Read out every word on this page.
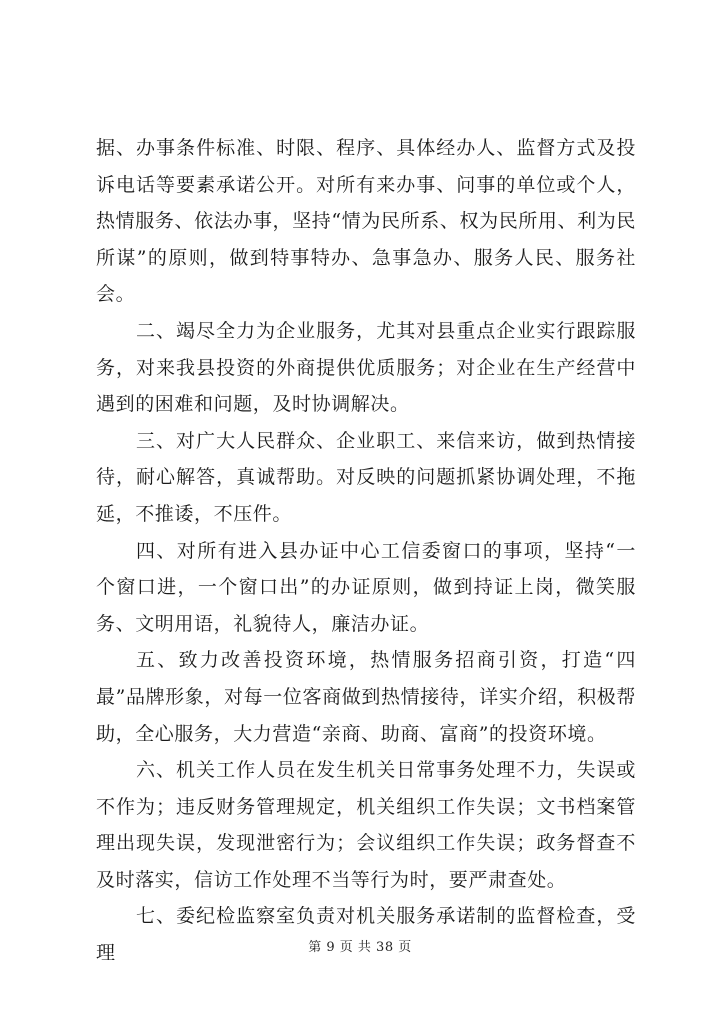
据、办事条件标准、时限、程序、具体经办人、监督方式及投诉电话等要素承诺公开。对所有来办事、问事的单位或个人，热情服务、依法办事，坚持“情为民所系、权为民所用、利为民所谋”的原则，做到特事特办、急事急办、服务人民、服务社会。

二、竭尽全力为企业服务，尤其对县重点企业实行跟踪服务，对来我县投资的外商提供优质服务；对企业在生产经营中遇到的困难和问题，及时协调解决。

三、对广大人民群众、企业职工、来信来访，做到热情接待，耐心解答，真诚帮助。对反映的问题抓紧协调处理，不拖延，不推诿，不压件。

四、对所有进入县办证中心工信委窗口的事项，坚持“一个窗口进，一个窗口出”的办证原则，做到持证上岗，微笑服务、文明用语，礼貌待人，廉洁办证。

五、致力改善投资环境，热情服务招商引资，打造“四最”品牌形象，对每一位客商做到热情接待，详实介绍，积极帮助，全心服务，大力营造“亲商、助商、富商”的投资环境。

六、机关工作人员在发生机关日常事务处理不力，失误或不作为；违反财务管理规定，机关组织工作失误；文书档案管理出现失误，发现泄密行为；会议组织工作失误；政务督查不及时落实，信访工作处理不当等行为时，要严肃查处。

七、委纪检监察室负责对机关服务承诺制的监督检查，受理	第 9 页 共 38 页
